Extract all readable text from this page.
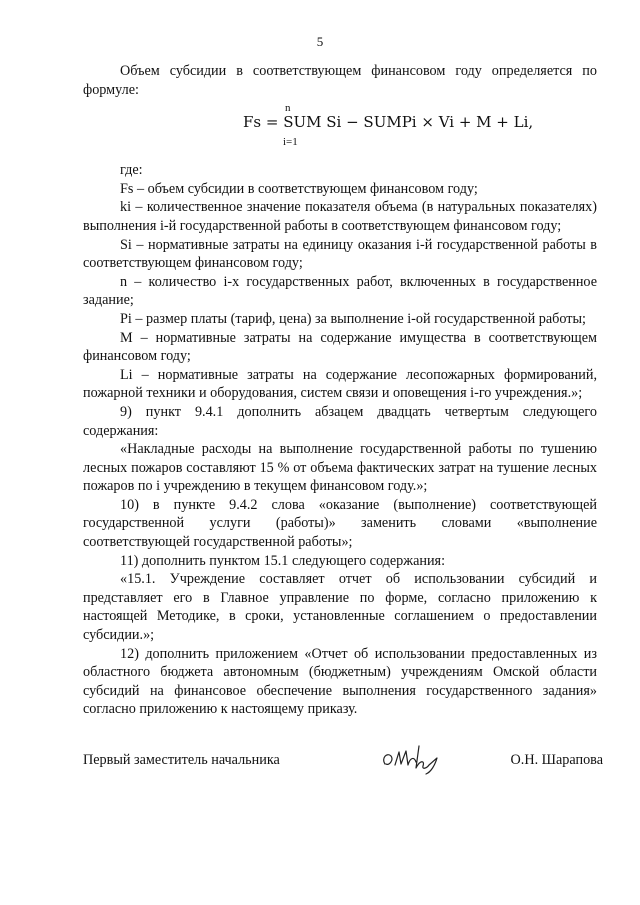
5

Объем субсидии в соответствующем финансовом году определяется по формуле:

n
Fs = SUM Si − SUMPi × Vi + M + Li,
i=1

где:

Fs – объем субсидии в соответствующем финансовом году;

ki – количественное значение показателя объема (в натуральных показателях) выполнения i-й государственной работы в соответствующем финансовом году;

Si – нормативные затраты на единицу оказания i-й государственной работы в соответствующем финансовом году;

n – количество i-х государственных работ, включенных в государственное задание;

Pi – размер платы (тариф, цена) за выполнение i-ой государственной работы;

M – нормативные затраты на содержание имущества в соответствующем финансовом году;

Li – нормативные затраты на содержание лесопожарных формирований, пожарной техники и оборудования, систем связи и оповещения i-го учреждения.»;

9) пункт 9.4.1 дополнить абзацем двадцать четвертым следующего содержания:

«Накладные расходы на выполнение государственной работы по тушению лесных пожаров составляют 15 % от объема фактических затрат на тушение лесных пожаров по i учреждению в текущем финансовом году.»;

10) в пункте 9.4.2 слова «оказание (выполнение) соответствующей государственной услуги (работы)» заменить словами «выполнение соответствующей государственной работы»;

11) дополнить пунктом 15.1 следующего содержания:

«15.1. Учреждение составляет отчет об использовании субсидий и представляет его в Главное управление по форме, согласно приложению к настоящей Методике, в сроки, установленные соглашением о предоставлении субсидии.»;

12) дополнить приложением «Отчет об использовании предоставленных из областного бюджета автономным (бюджетным) учреждениям Омской области субсидий на финансовое обеспечение выполнения государственного задания» согласно приложению к настоящему приказу.

Первый заместитель начальника	О.Н. Шарапова
